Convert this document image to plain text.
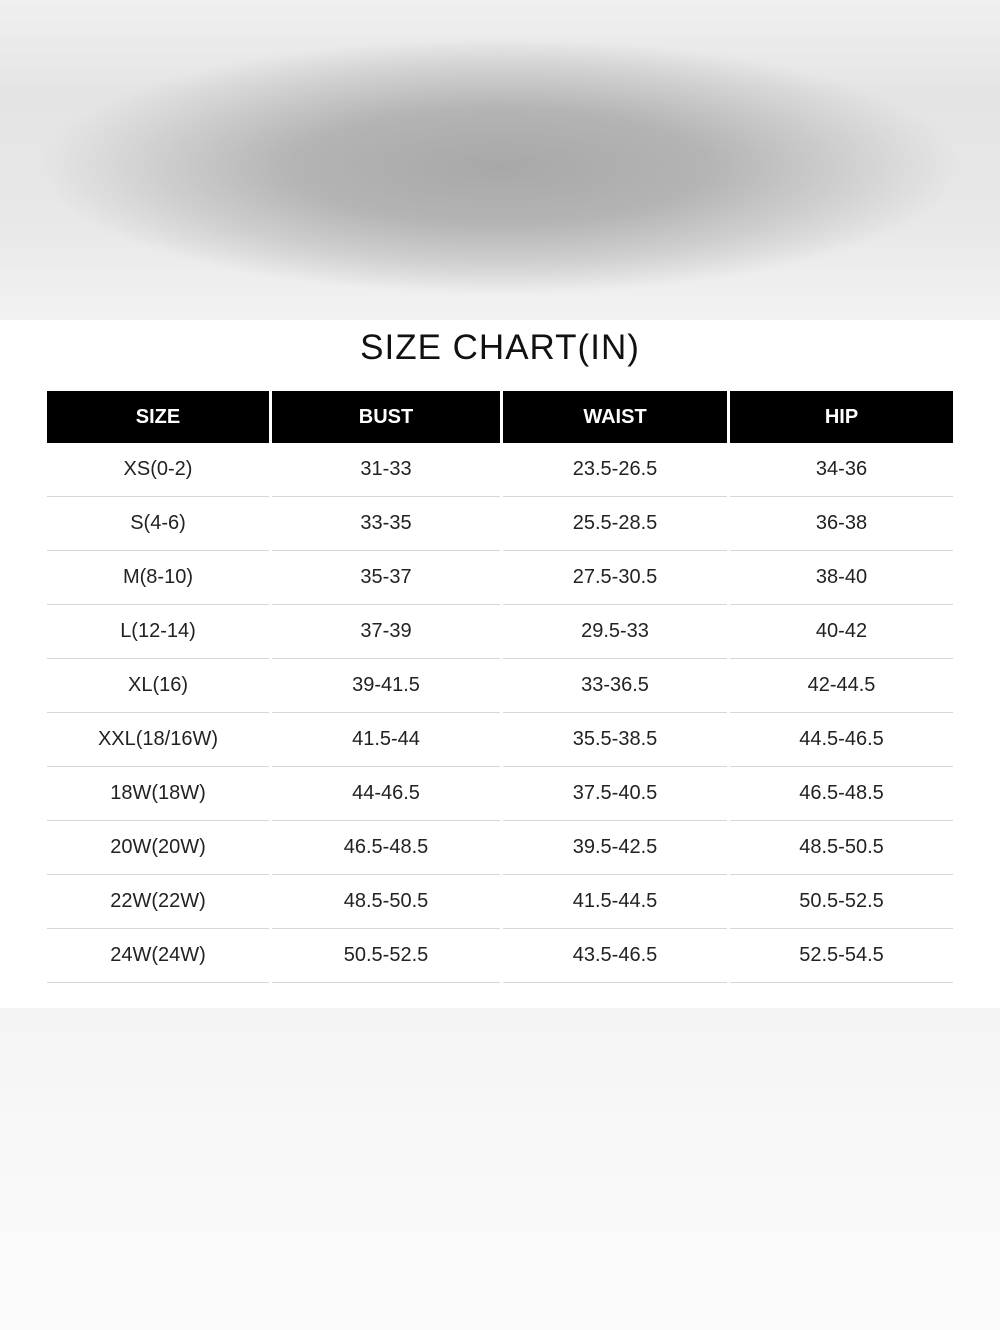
SIZE CHART(IN)
SIZE	BUST	WAIST	HIP
XS(0-2)	31-33	23.5-26.5	34-36
S(4-6)	33-35	25.5-28.5	36-38
M(8-10)	35-37	27.5-30.5	38-40
L(12-14)	37-39	29.5-33	40-42
XL(16)	39-41.5	33-36.5	42-44.5
XXL(18/16W)	41.5-44	35.5-38.5	44.5-46.5
18W(18W)	44-46.5	37.5-40.5	46.5-48.5
20W(20W)	46.5-48.5	39.5-42.5	48.5-50.5
22W(22W)	48.5-50.5	41.5-44.5	50.5-52.5
24W(24W)	50.5-52.5	43.5-46.5	52.5-54.5
